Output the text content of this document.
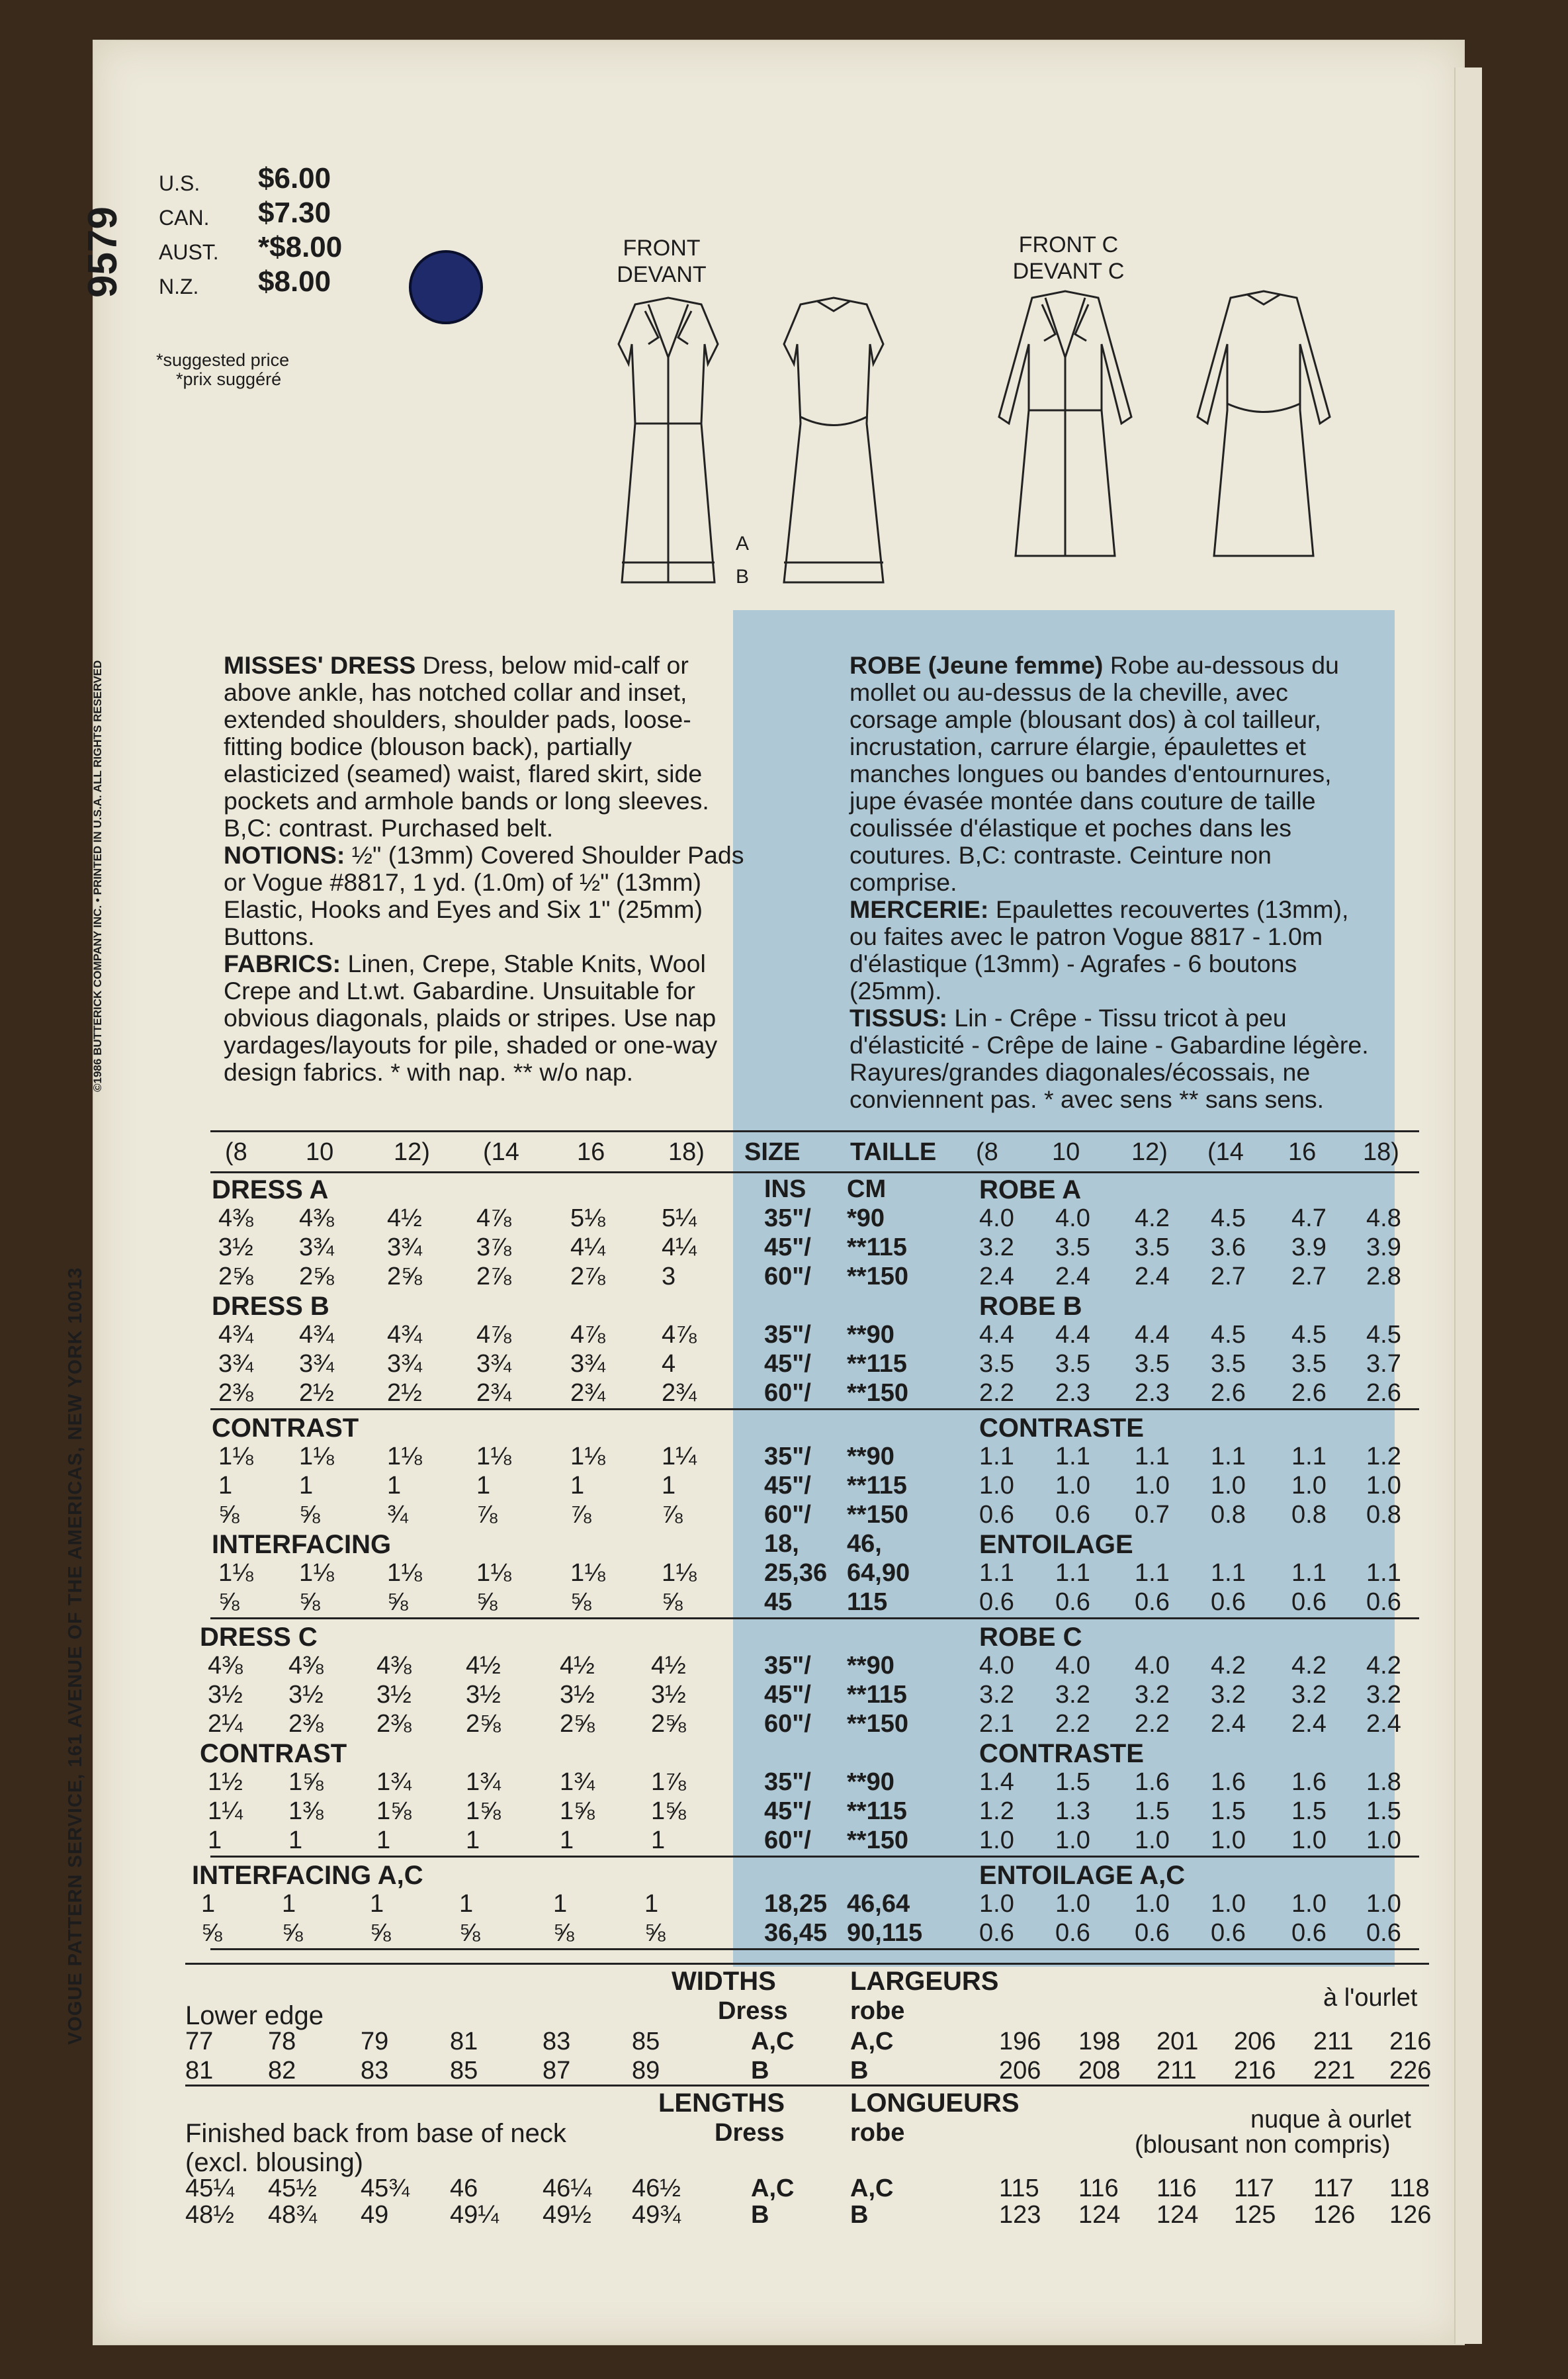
9579
VOGUE PATTERN SERVICE, 161 AVENUE OF THE AMERICAS, NEW YORK 10013
©1986 BUTTERICK COMPANY INC. • PRINTED IN U.S.A. ALL RIGHTS RESERVED
U.S. $6.00
CAN. $7.30
AUST. *$8.00
N.Z. $8.00
*suggested price
*prix suggéré
FRONT
DEVANT
FRONT C
DEVANT C
A
B
MISSES' DRESS Dress, below mid-calf or
above ankle, has notched collar and inset,
extended shoulders, shoulder pads, loose-
fitting bodice (blouson back), partially
elasticized (seamed) waist, flared skirt, side
pockets and armhole bands or long sleeves.
B,C: contrast. Purchased belt.
NOTIONS: ½" (13mm) Covered Shoulder Pads
or Vogue #8817, 1 yd. (1.0m) of ½" (13mm)
Elastic, Hooks and Eyes and Six 1" (25mm)
Buttons.
FABRICS: Linen, Crepe, Stable Knits, Wool
Crepe and Lt.wt. Gabardine. Unsuitable for
obvious diagonals, plaids or stripes. Use nap
yardages/layouts for pile, shaded or one-way
design fabrics. * with nap. ** w/o nap.
ROBE (Jeune femme) Robe au-dessous du
mollet ou au-dessus de la cheville, avec
corsage ample (blousant dos) à col tailleur,
incrustation, carrure élargie, épaulettes et
manches longues ou bandes d'entournures,
jupe évasée montée dans couture de taille
coulissée d'élastique et poches dans les
coutures. B,C: contraste. Ceinture non
comprise.
MERCERIE: Epaulettes recouvertes (13mm),
ou faites avec le patron Vogue 8817 - 1.0m
d'élastique (13mm) - Agrafes - 6 boutons
(25mm).
TISSUS: Lin - Crêpe - Tissu tricot à peu
d'élasticité - Crêpe de laine - Gabardine légère.
Rayures/grandes diagonales/écossais, ne
conviennent pas. * avec sens ** sans sens.
(8 10 12) (14 16	18) SIZE TAILLE (8 10 12) (14 16 18)
DRESS A	ROBE A
INS CM
4⅜ 4⅜ 4½ 4⅞ 5⅛ 5¼	35"/ *90	4.0 4.0 4.2 4.5 4.7 4.8
3½ 3¾ 3¾ 3⅞ 4¼ 4¼	45"/ **115	3.2 3.5 3.5 3.6 3.9 3.9
2⅝ 2⅝ 2⅝ 2⅞ 2⅞ 3	60"/ **150	2.4 2.4 2.4 2.7 2.7 2.8
DRESS B	ROBE B
4¾ 4¾ 4¾ 4⅞ 4⅞ 4⅞	35"/ **90	4.4 4.4 4.4 4.5 4.5 4.5
3¾ 3¾ 3¾ 3¾ 3¾ 4	45"/ **115	3.5 3.5 3.5 3.5 3.5 3.7
2⅜ 2½ 2½ 2¾ 2¾ 2¾	60"/ **150	2.2 2.3 2.3 2.6 2.6 2.6
CONTRAST	CONTRASTE
1⅛ 1⅛ 1⅛ 1⅛ 1⅛ 1¼	35"/ **90	1.1 1.1 1.1 1.1 1.1 1.2
1	1	1	1	1	1	45"/ **115	1.0 1.0 1.0 1.0 1.0 1.0
⅝ ⅝	¾	⅞	⅞	⅞	60"/ **150	0.6 0.6 0.7 0.8 0.8 0.8
INTERFACING	ENTOILAGE
18, 46,
1⅛ 1⅛ 1⅛ 1⅛ 1⅛ 1⅛	25,36 64,90	1.1 1.1 1.1 1.1 1.1 1.1
⅝ ⅝	⅝	⅝	⅝	⅝	45 115	0.6 0.6 0.6 0.6 0.6 0.6
DRESS C	ROBE C
4⅜ 4⅜ 4⅜ 4½ 4½ 4½	35"/ **90	4.0 4.0 4.0 4.2 4.2 4.2
3½ 3½ 3½ 3½ 3½ 3½	45"/ **115	3.2 3.2 3.2 3.2 3.2 3.2
2¼ 2⅜ 2⅜ 2⅝ 2⅝ 2⅝	60"/ **150	2.1 2.2 2.2 2.4 2.4 2.4
CONTRAST	CONTRASTE
1½ 1⅝ 1¾ 1¾ 1¾ 1⅞	35"/ **90	1.4 1.5 1.6 1.6 1.6 1.8
1¼ 1⅜ 1⅝ 1⅝ 1⅝ 1⅝	45"/ **115	1.2 1.3 1.5 1.5 1.5 1.5
1	1	1	1	1	1	60"/ **150	1.0 1.0 1.0 1.0 1.0 1.0
INTERFACING A,C	ENTOILAGE A,C
1	1	1	1	1	1	18,25 46,64	1.0 1.0 1.0 1.0 1.0 1.0
⅝ ⅝	⅝	⅝	⅝	⅝	36,45 90,115 0.6 0.6 0.6 0.6 0.6 0.6
WIDTHS	LARGEURS
Lower edge	Dress robe	à l'ourlet
77 78	79 81	83 85	A,C A,C	196 198 201 206 211 216
81 82	83 85	87 89	B	B	206 208 211 216 221 226
LENGTHS LONGUEURS
Finished back from base of neck	Dress	robe	nuque à ourlet
(excl. blousing)
(blousant non compris)
45¼ 45½ 45¾ 46	46¼ 46½	A,C A,C	115 116 116 117 117 118
48½ 48¾ 49 49¼ 49½ 49¾	B	B	123 124 124 125 126 126
